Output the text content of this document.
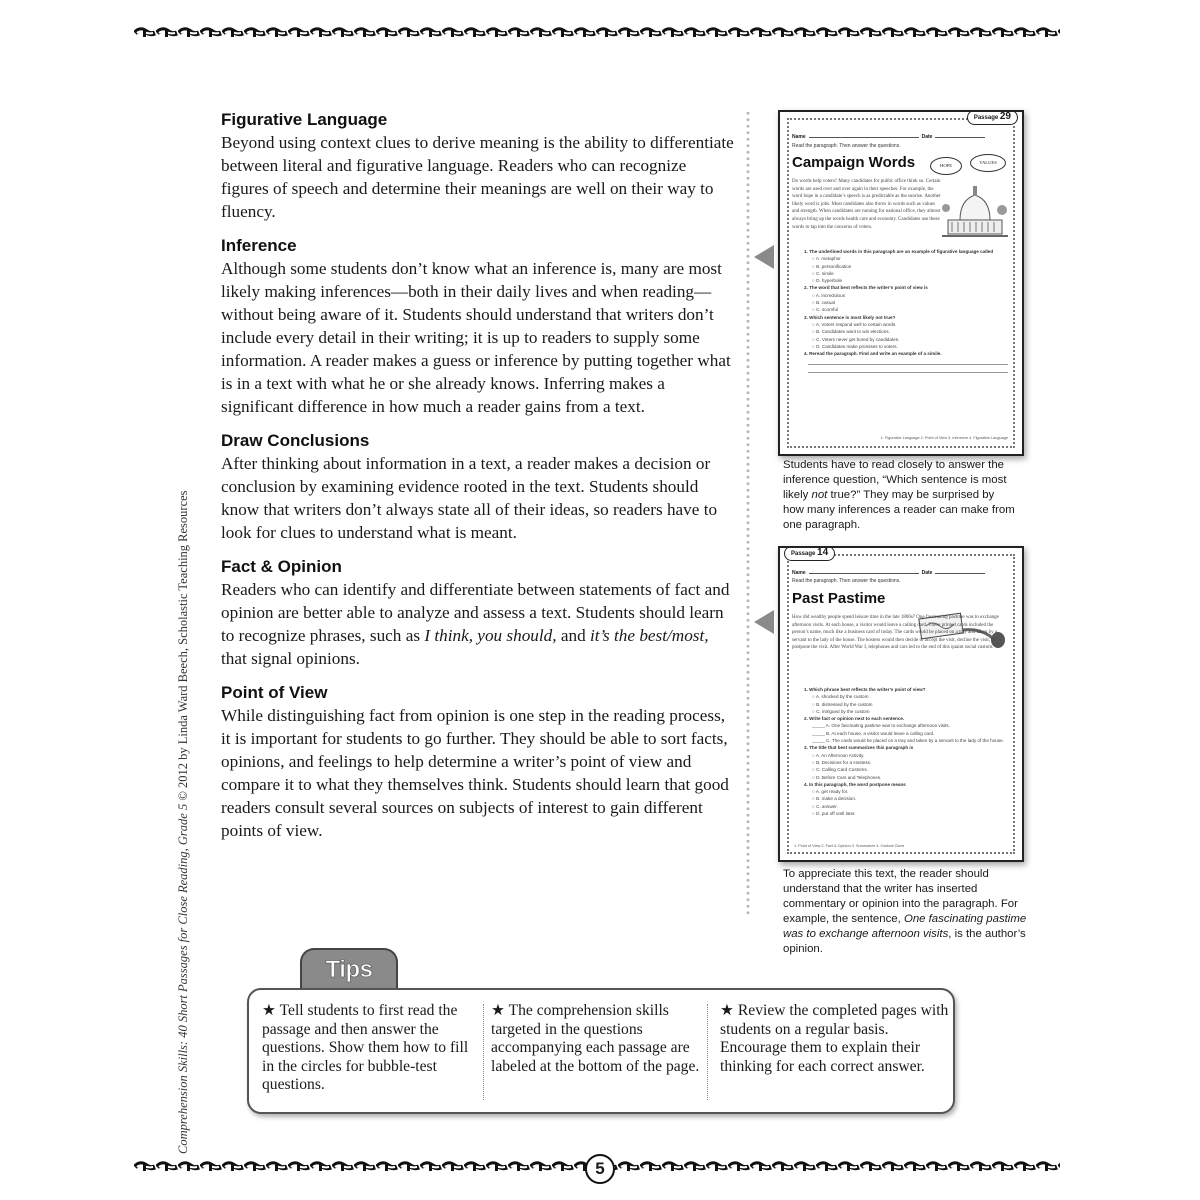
Comprehension Skills: 40 Short Passages for Close Reading, Grade 5 © 2012 by Linda Ward Beech, Scholastic Teaching Resources
Figurative Language

Beyond using context clues to derive meaning is the ability to differentiate between literal and figurative language. Readers who can recognize figures of speech and determine their meanings are well on their way to fluency.

Inference

Although some students don’t know what an inference is, many are most likely making inferences—both in their daily lives and when reading—without being aware of it. Students should understand that writers don’t include every detail in their writing; it is up to readers to supply some information. A reader makes a guess or inference by putting together what is in a text with what he or she already knows. Inferring makes a significant difference in how much a reader gains from a text.

Draw Conclusions

After thinking about information in a text, a reader makes a decision or conclusion by examining evidence rooted in the text. Students should know that writers don’t always state all of their ideas, so readers have to look for clues to understand what is meant.

Fact & Opinion

Readers who can identify and differentiate between statements of fact and opinion are better able to analyze and assess a text. Students should learn to recognize phrases, such as I think, you should, and it’s the best/most, that signal opinions.

Point of View

While distinguishing fact from opinion is one step in the reading process, it is important for students to go further. They should be able to sort facts, opinions, and feelings to help determine a writer’s point of view and compare it to what they themselves think. Students should learn that good readers consult several sources on subjects of interest to gain different points of view.

Passage 29
Name	Date
Read the paragraph. Then answer the questions.
Campaign Words	HOPE
VALUES
Do words help voters? Many candidates for public office think so. Certain words are used over and over again in their speeches. For example, the word hope in a candidate’s speech is as predictable as the sunrise. Another likely word is jobs. Most candidates also throw in words such as values and strength. When candidates are running for national office, they almost always bring up the words health care and economy. Candidates use these words to tap into the concerns of voters.
1. The underlined words in this paragraph are an example of figurative language called
○ A. metaphor
○ B. personification
○ C. simile
○ D. hyperbole
2. The word that best reflects the writer’s point of view is
○ A. incredulous
○ B. casual
○ C. scornful
3. Which sentence is most likely not true?
○ A. Voters respond well to certain words.
○ B. Candidates want to win elections.
○ C. Voters never get bored by candidates.
○ D. Candidates make promises to voters.
4. Reread the paragraph. Find and write an example of a simile.
1. Figurative Language 2. Point of View 3. Inference 4. Figurative Language
Students have to read closely to answer the inference question, “Which sentence is most likely not true?” They may be surprised by how many inferences a reader can make from one paragraph.
Passage 14
Name	Date
Read the paragraph. Then answer the questions.
Past Pastime
How did wealthy people spend leisure time in the late 1800s? One fascinating pastime was to exchange afternoon visits. At each house, a visitor would leave a calling card. These printed cards included the person’s name, much like a business card of today. The cards would be placed on a tray and taken by a servant to the lady of the house. The hostess would then decide to accept the visit, decline the visit, or postpone the visit. After World War I, telephones and cars led to the end of this quaint social custom.
1. Which phrase best reflects the writer’s point of view?
○ A. shocked by the custom
○ B. distressed by the custom
○ C. intrigued by the custom
2. Write fact or opinion next to each sentence.
_____ A. One fascinating pastime was to exchange afternoon visits.
_____ B. At each house, a visitor would leave a calling card.
_____ C. The cards would be placed on a tray and taken by a servant to the lady of the house.
3. The title that best summarizes this paragraph is
○ A. An Afternoon Activity.
○ B. Decisions for a Hostess.
○ C. Calling Card Customs.
○ D. Before Cars and Telephones.
4. In this paragraph, the word postpone means
○ A. get ready for.
○ B. make a decision.
○ C. answer.
○ D. put off until later.
1. Point of View 2. Fact & Opinion 3. Summarize 4. Context Clues
To appreciate this text, the reader should understand that the writer has inserted commentary or opinion into the paragraph. For example, the sentence, One fascinating pastime was to exchange afternoon visits, is the author’s opinion.
Tips
★ Tell students to first read the passage and then answer the questions. Show them how to fill in the circles for bubble-test questions.
★ The comprehension skills targeted in the questions accompanying each passage are labeled at the bottom of the page.
★ Review the completed pages with students on a regular basis. Encourage them to explain their thinking for each correct answer.
5
